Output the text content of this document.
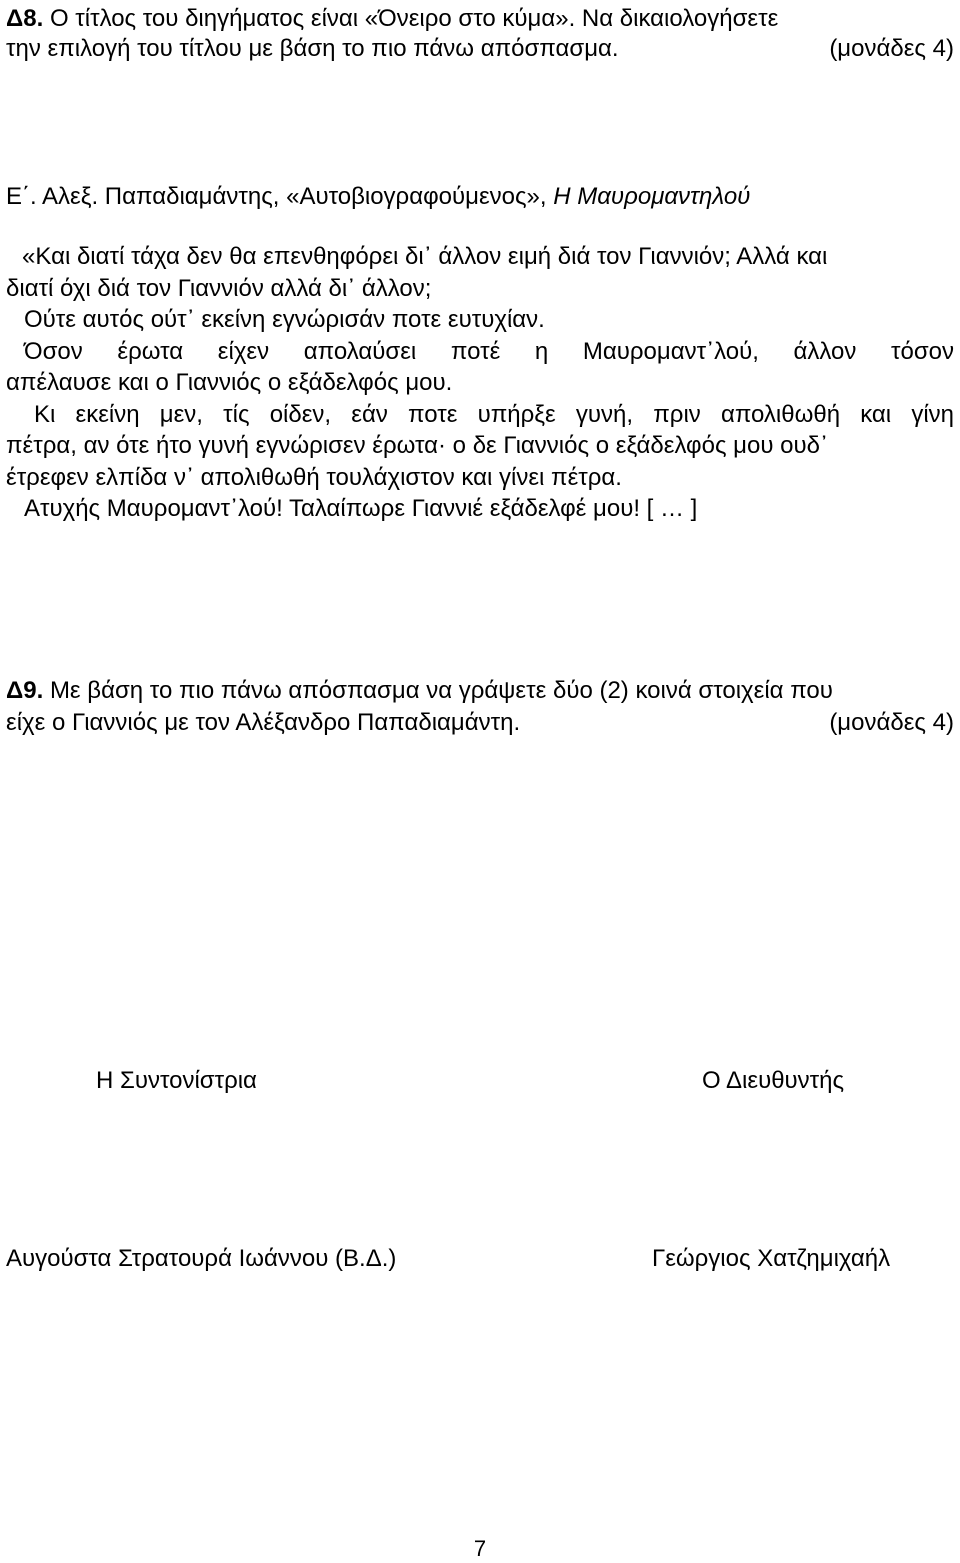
Δ8. Ο τίτλος του διηγήματος είναι «Όνειρο στο κύμα». Να δικαιολογήσετε
την επιλογή του τίτλου με βάση το πιο πάνω απόσπασμα.	(μονάδες 4)
Ε΄. Αλεξ. Παπαδιαμάντης, «Αυτοβιογραφούμενος», Η Μαυρομαντηλού
«Και διατί τάχα δεν θα επενθηφόρει δι᾽ άλλον ειμή διά τον Γιαννιόν; Αλλά και
διατί όχι διά τον Γιαννιόν αλλά δι᾽ άλλον;
Ούτε αυτός ούτ᾽ εκείνη εγνώρισάν ποτε ευτυχίαν.
Όσον έρωτα είχεν απολαύσει ποτέ η Μαυρομαντ᾽λού, άλλον τόσον
απέλαυσε και ο Γιαννιός ο εξάδελφός μου.
Κι εκείνη μεν, τίς οίδεν, εάν ποτε υπήρξε γυνή, πριν απολιθωθή και γίνη
πέτρα, αν ότε ήτο γυνή εγνώρισεν έρωτα· ο δε Γιαννιός ο εξάδελφός μου ουδ᾽
έτρεφεν ελπίδα ν᾽ απολιθωθή τουλάχιστον και γίνει πέτρα.
Ατυχής Μαυρομαντ᾽λού! Ταλαίπωρε Γιαννιέ εξάδελφέ μου! [ … ]
Δ9. Με βάση το πιο πάνω απόσπασμα να γράψετε δύο (2) κοινά στοιχεία που
είχε ο Γιαννιός με τον Αλέξανδρο Παπαδιαμάντη.	(μονάδες 4)
Η Συντονίστρια	Ο Διευθυντής
Αυγούστα Στρατουρά Ιωάννου (Β.Δ.)	Γεώργιος Χατζημιχαήλ
7
